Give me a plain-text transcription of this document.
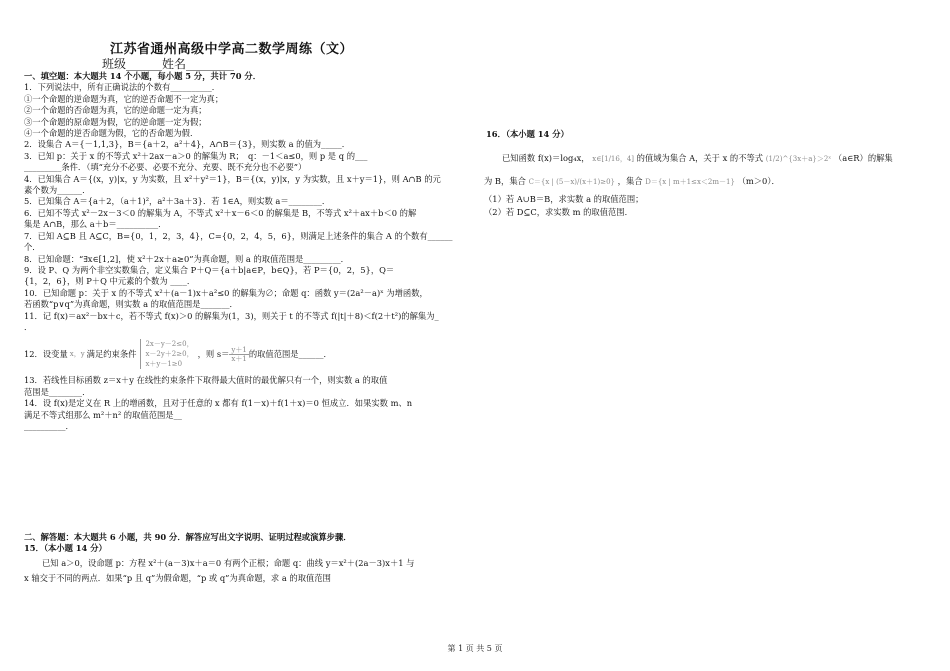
江苏省通州高级中学高二数学周练（文）
班级______姓名________
一、填空题：本大题共 14 个小题，每小题 5 分，共计 70 分．
1．下列说法中，所有正确说法的个数有__________．
①一个命题的逆命题为真，它的逆否命题不一定为真；
②一个命题的否命题为真，它的逆命题一定为真；
③一个命题的原命题为假，它的逆命题一定为假；
④一个命题的逆否命题为假，它的否命题为假．
2．设集合 A＝{－1,1,3}，B＝{a＋2，a²＋4}，A∩B＝{3}，则实数 a 的值为_____．
3．已知 p：关于 x 的不等式 x²＋2ax－a＞0 的解集为 R；　q：－1＜a≤0，则 p 是 q 的___
_________条件．（填“充分不必要、必要不充分、充要、既不充分也不必要”）
4．已知集合 A＝{(x，y)|x，y 为实数，且 x²＋y²＝1}，B＝{(x，y)|x，y 为实数，且 x＋y＝1}，则 A∩B 的元
素个数为______．
5．已知集合 A＝{a＋2，（a＋1)²，a²＋3a＋3}．若 1∈A，则实数 a＝________．
6．已知不等式 x²－2x－3＜0 的解集为 A，不等式 x²＋x－6＜0 的解集是 B，不等式 x²＋ax＋b＜0 的解
集是 A∩B，那么 a＋b＝__________．
7．已知 A⊆B 且 A⊆C，B={0，1，2，3，4}，C={0，2，4，5，6}，则满足上述条件的集合 A 的个数有______
个．
8．已知命题：“∃x∈[1,2]，使 x²＋2x＋a≥0”为真命题，则 a 的取值范围是_________．
9．设 P、Q 为两个非空实数集合，定义集合 P＋Q＝{a＋b|a∈P，b∈Q}，若 P＝{0，2，5}，Q＝
{1，2，6}，则 P＋Q 中元素的个数为 ____．
10．已知命题 p：关于 x 的不等式 x²＋(a－1)x＋a²≤0 的解集为∅；命题 q：函数 y＝(2a²－a)ˣ 为增函数，
若函数“p∨q”为真命题，则实数 a 的取值范围是_______．
11．记 f(x)＝ax²－bx＋c，若不等式 f(x)＞0 的解集为(1，3)，则关于 t 的不等式 f(|t|＋8)＜f(2＋t²)的解集为_
．
12．设变量 x，y 满足约束条件
2x－y－2≤0，
x－2y＋2≥0，
x＋y－1≥0
，则 $s= \frac{y+1}{x+1}$ 的取值范围是______．
13．若线性目标函数 z＝x＋y 在线性约束条件下取得最大值时的最优解只有一个，则实数 a 的取值
范围是________．
14．设 f(x)是定义在 R 上的增函数，且对于任意的 x 都有 f(1－x)＋f(1＋x)＝0 恒成立．如果实数 m、n
满足不等式组那么 m²＋n² 的取值范围是__
__________．
二、解答题：本大题共 6 小题，共 90 分．解答应写出文字说明、证明过程或演算步骤．
15．（本小题 14 分）
已知 a＞0，设命题 p：方程 x²＋(a－3)x＋a＝0 有两个正根；命题 q：曲线 y＝x²＋(2a－3)x＋1 与
x 轴交于不同的两点．如果“p 且 q”为假命题，“p 或 q”为真命题，求 a 的取值范围
16．（本小题 14 分）
已知函数 f(x)＝log₄x， x∈[1/16，4] 的值域为集合 A，关于 x 的不等式 (1/2)^{3x＋a}＞2ˣ （a∈R）的解集
为 B，集合 C＝{x | (5－x)/(x＋1)≥0} ，集合 D＝{x | m＋1≤x＜2m－1} （m＞0）．
（1）若 A∪B＝B，求实数 a 的取值范围；
（2）若 D⊆C，求实数 m 的取值范围．
第 1 页 共 5 页
